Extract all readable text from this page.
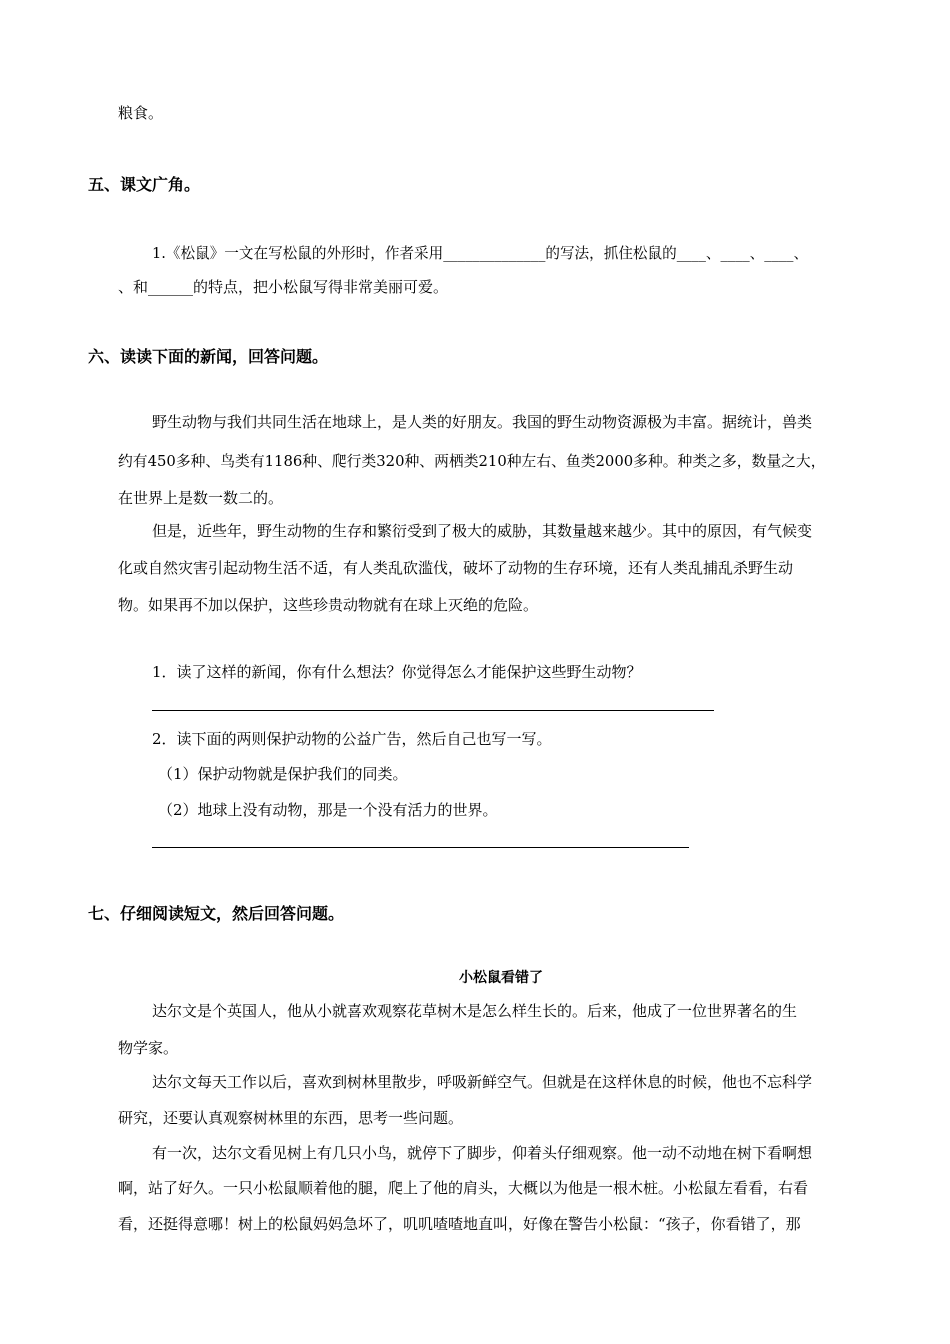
粮食。
五、课文广角。
1.《松鼠》一文在写松鼠的外形时，作者采用______________的写法，抓住松鼠的____、____、____、
、和______的特点，把小松鼠写得非常美丽可爱。
六、读读下面的新闻，回答问题。
野生动物与我们共同生活在地球上，是人类的好朋友。我国的野生动物资源极为丰富。据统计，兽类
约有450多种、鸟类有1186种、爬行类320种、两栖类210种左右、鱼类2000多种。种类之多，数量之大，
在世界上是数一数二的。
但是，近些年，野生动物的生存和繁衍受到了极大的威胁，其数量越来越少。其中的原因，有气候变
化或自然灾害引起动物生活不适，有人类乱砍滥伐，破坏了动物的生存环境，还有人类乱捕乱杀野生动
物。如果再不加以保护，这些珍贵动物就有在球上灭绝的危险。
1．读了这样的新闻，你有什么想法？你觉得怎么才能保护这些野生动物？
2．读下面的两则保护动物的公益广告，然后自己也写一写。
（1）保护动物就是保护我们的同类。
（2）地球上没有动物，那是一个没有活力的世界。
七、仔细阅读短文，然后回答问题。
小松鼠看错了
达尔文是个英国人，他从小就喜欢观察花草树木是怎么样生长的。后来，他成了一位世界著名的生
物学家。
达尔文每天工作以后，喜欢到树林里散步，呼吸新鲜空气。但就是在这样休息的时候，他也不忘科学
研究，还要认真观察树林里的东西，思考一些问题。
有一次，达尔文看见树上有几只小鸟，就停下了脚步，仰着头仔细观察。他一动不动地在树下看啊想
啊，站了好久。一只小松鼠顺着他的腿，爬上了他的肩头，大概以为他是一根木桩。小松鼠左看看，右看
看，还挺得意哪！树上的松鼠妈妈急坏了，叽叽喳喳地直叫，好像在警告小松鼠：“孩子，你看错了，那
